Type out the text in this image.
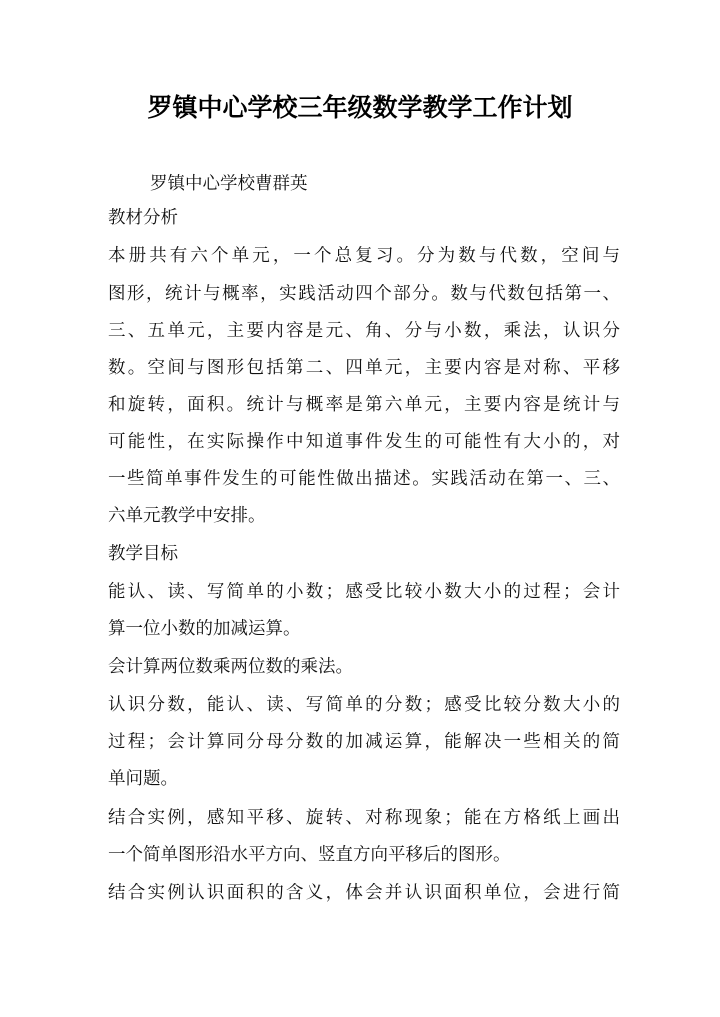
罗镇中心学校三年级数学教学工作计划
罗镇中心学校曹群英
教材分析
本册共有六个单元，一个总复习。分为数与代数，空间与
图形，统计与概率，实践活动四个部分。数与代数包括第一、
三、五单元，主要内容是元、角、分与小数，乘法，认识分
数。空间与图形包括第二、四单元，主要内容是对称、平移
和旋转，面积。统计与概率是第六单元，主要内容是统计与
可能性，在实际操作中知道事件发生的可能性有大小的，对
一些简单事件发生的可能性做出描述。实践活动在第一、三、
六单元教学中安排。
教学目标
能认、读、写简单的小数；感受比较小数大小的过程；会计
算一位小数的加减运算。
会计算两位数乘两位数的乘法。
认识分数，能认、读、写简单的分数；感受比较分数大小的
过程；会计算同分母分数的加减运算，能解决一些相关的简
单问题。
结合实例，感知平移、旋转、对称现象；能在方格纸上画出
一个简单图形沿水平方向、竖直方向平移后的图形。
结合实例认识面积的含义，体会并认识面积单位，会进行简
